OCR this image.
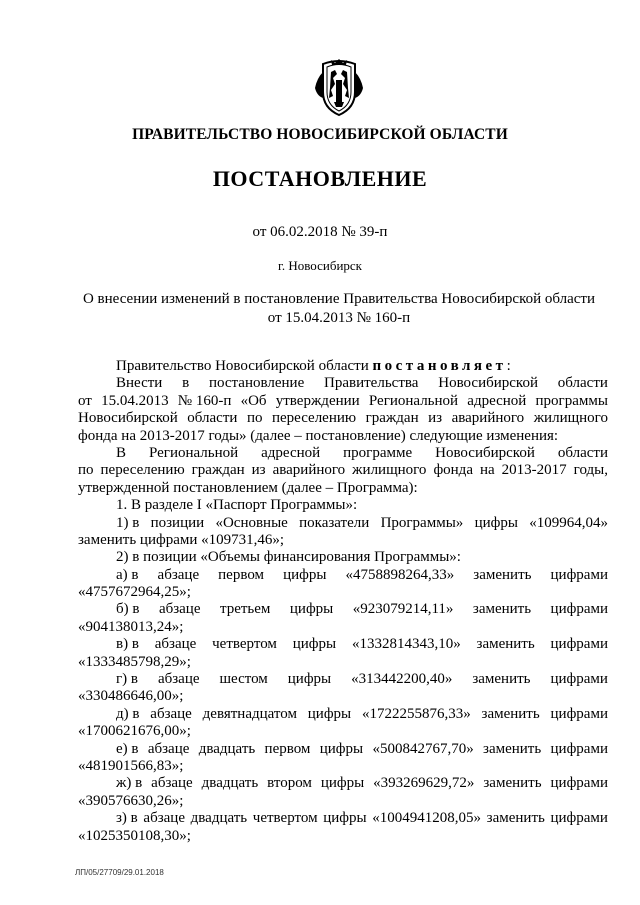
ПРАВИТЕЛЬСТВО НОВОСИБИРСКОЙ ОБЛАСТИ
ПОСТАНОВЛЕНИЕ
от 06.02.2018 № 39-п
г. Новосибирск
О внесении изменений в постановление Правительства Новосибирской области
от 15.04.2013 № 160-п
Правительство Новосибирской области постановляет :
Внести в постановление Правительства Новосибирской области
от 15.04.2013 № 160-п «Об утверждении Региональной адресной программы
Новосибирской области по переселению граждан из аварийного жилищного
фонда на 2013-2017 годы» (далее – постановление) следующие изменения:
В Региональной адресной программе Новосибирской области
по переселению граждан из аварийного жилищного фонда на 2013-2017 годы,
утвержденной постановлением (далее – Программа):
1. В разделе I «Паспорт Программы»:
1) в позиции «Основные показатели Программы» цифры «109964,04»
заменить цифрами «109731,46»;
2) в позиции «Объемы финансирования Программы»:
а) в абзаце первом цифры «4758898264,33» заменить цифрами
«4757672964,25»;
б) в абзаце третьем цифры «923079214,11» заменить цифрами
«904138013,24»;
в) в абзаце четвертом цифры «1332814343,10» заменить цифрами
«1333485798,29»;
г) в абзаце шестом цифры «313442200,40» заменить цифрами
«330486646,00»;
д) в абзаце девятнадцатом цифры «1722255876,33» заменить цифрами
«1700621676,00»;
е) в абзаце двадцать первом цифры «500842767,70» заменить цифрами
«481901566,83»;
ж) в абзаце двадцать втором цифры «393269629,72» заменить цифрами
«390576630,26»;
з) в абзаце двадцать четвертом цифры «1004941208,05» заменить цифрами
«1025350108,30»;
ЛП/05/27709/29.01.2018
